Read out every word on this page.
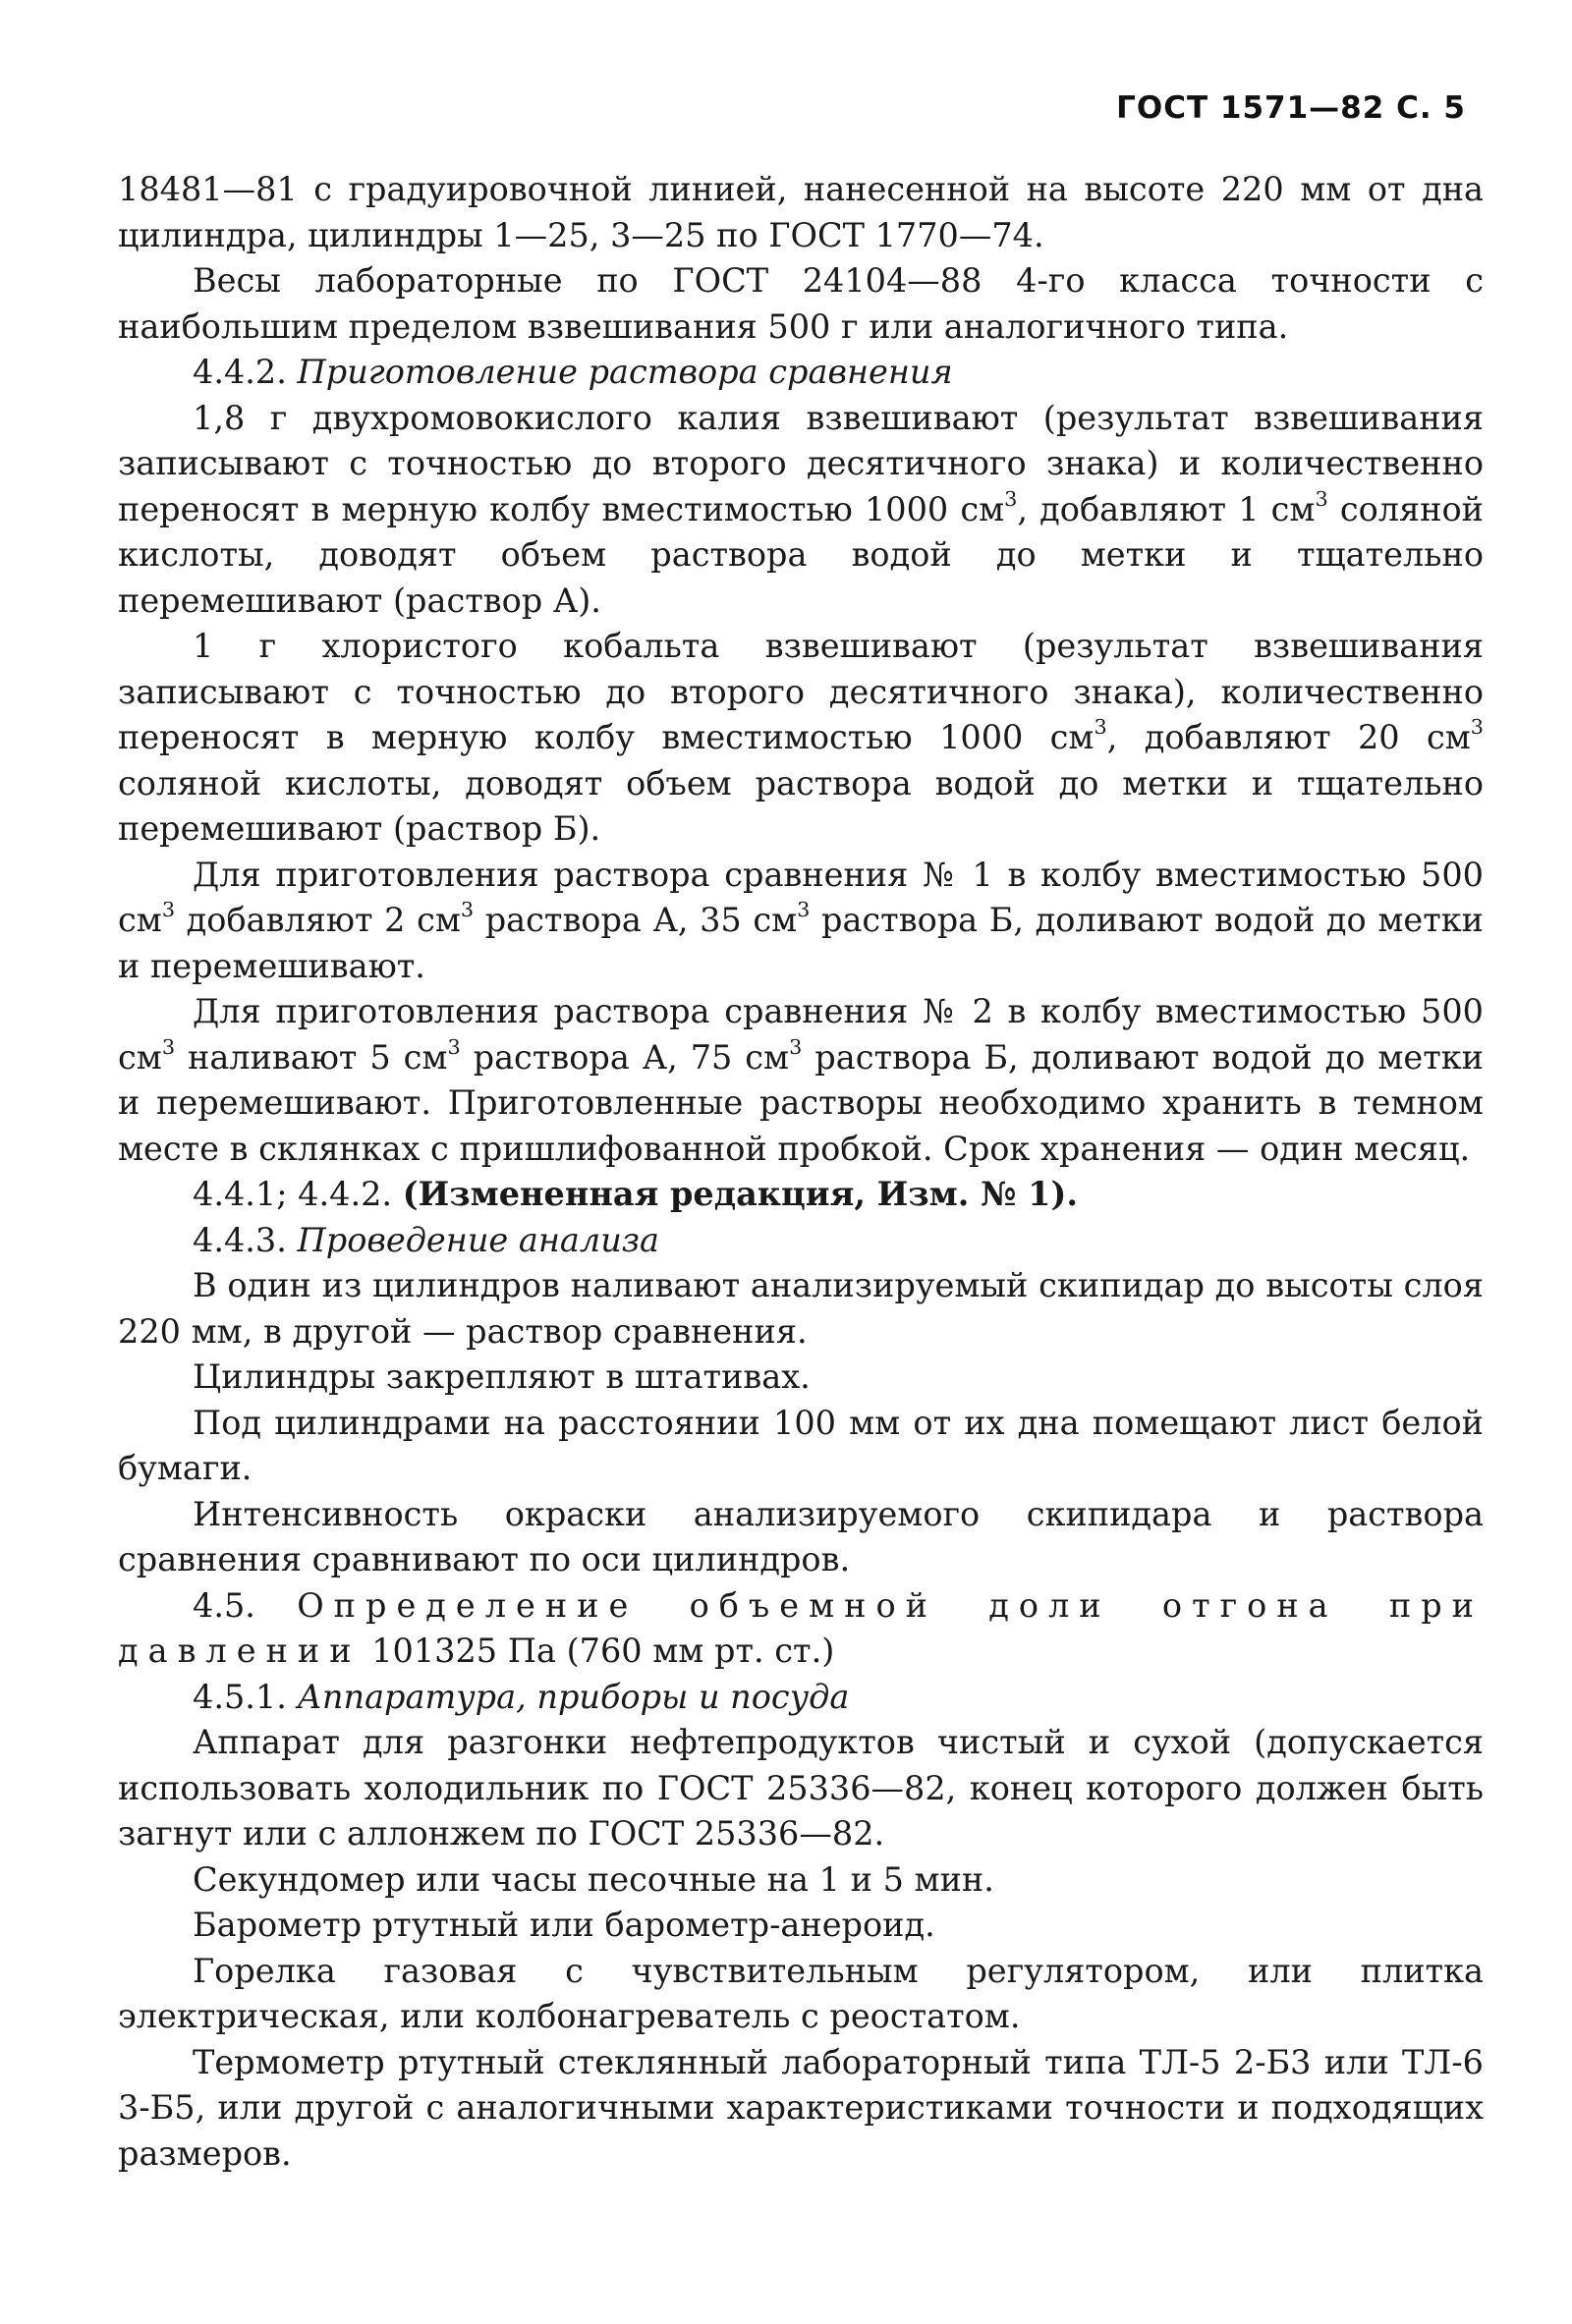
ГОСТ 1571—82 С. 5

18481—81 с градуировочной линией, нанесенной на высоте 220 мм от дна цилиндра, цилиндры 1—25, 3—25 по ГОСТ 1770—74.

Весы лабораторные по ГОСТ 24104—88 4-го класса точности с наибольшим пределом взвешивания 500 г или аналогичного типа.

4.4.2. Приготовление раствора сравнения

1,8 г двухромовокислого калия взвешивают (результат взвешивания записывают с точностью до второго десятичного знака) и количественно переносят в мерную колбу вместимостью 1000 $см^3$, добавляют 1 $см^3$ соляной кислоты, доводят объем раствора водой до метки и тщательно перемешивают (раствор А).

1 г хлористого кобальта взвешивают (результат взвешивания записывают с точностью до второго десятичного знака), количественно переносят в мерную колбу вместимостью 1000 $см^3$, добавляют 20 $см^3$ соляной кислоты, доводят объем раствора водой до метки и тщательно перемешивают (раствор Б).

Для приготовления раствора сравнения № 1 в колбу вместимостью 500 $см^3$ добавляют 2 $см^3$ раствора А, 35 $см^3$ раствора Б, доливают водой до метки и перемешивают.

Для приготовления раствора сравнения № 2 в колбу вместимостью 500 $см^3$ наливают 5 $см^3$ раствора А, 75 $см^3$ раствора Б, доливают водой до метки и перемешивают. Приготовленные растворы необходимо хранить в темном месте в склянках с пришлифованной пробкой. Срок хранения — один месяц.

4.4.1; 4.4.2. (Измененная редакция, Изм. № 1).

4.4.3. Проведение анализа

В один из цилиндров наливают анализируемый скипидар до высоты слоя 220 мм, в другой — раствор сравнения.

Цилиндры закрепляют в штативах.

Под цилиндрами на расстоянии 100 мм от их дна помещают лист белой бумаги.

Интенсивность окраски анализируемого скипидара и раствора сравнения сравнивают по оси цилиндров.

4.5. Определение объемной доли отгона при давлении 101325 Па (760 мм рт. ст.)

4.5.1. Аппаратура, приборы и посуда

Аппарат для разгонки нефтепродуктов чистый и сухой (допускается использовать холодильник по ГОСТ 25336—82, конец которого должен быть загнут или с аллонжем по ГОСТ 25336—82.

Секундомер или часы песочные на 1 и 5 мин.

Барометр ртутный или барометр-анероид.

Горелка газовая с чувствительным регулятором, или плитка электрическая, или колбонагреватель с реостатом.

Термометр ртутный стеклянный лабораторный типа ТЛ-5 2-Б3 или ТЛ-6 3-Б5, или другой с аналогичными характеристиками точности и подходящих размеров.
